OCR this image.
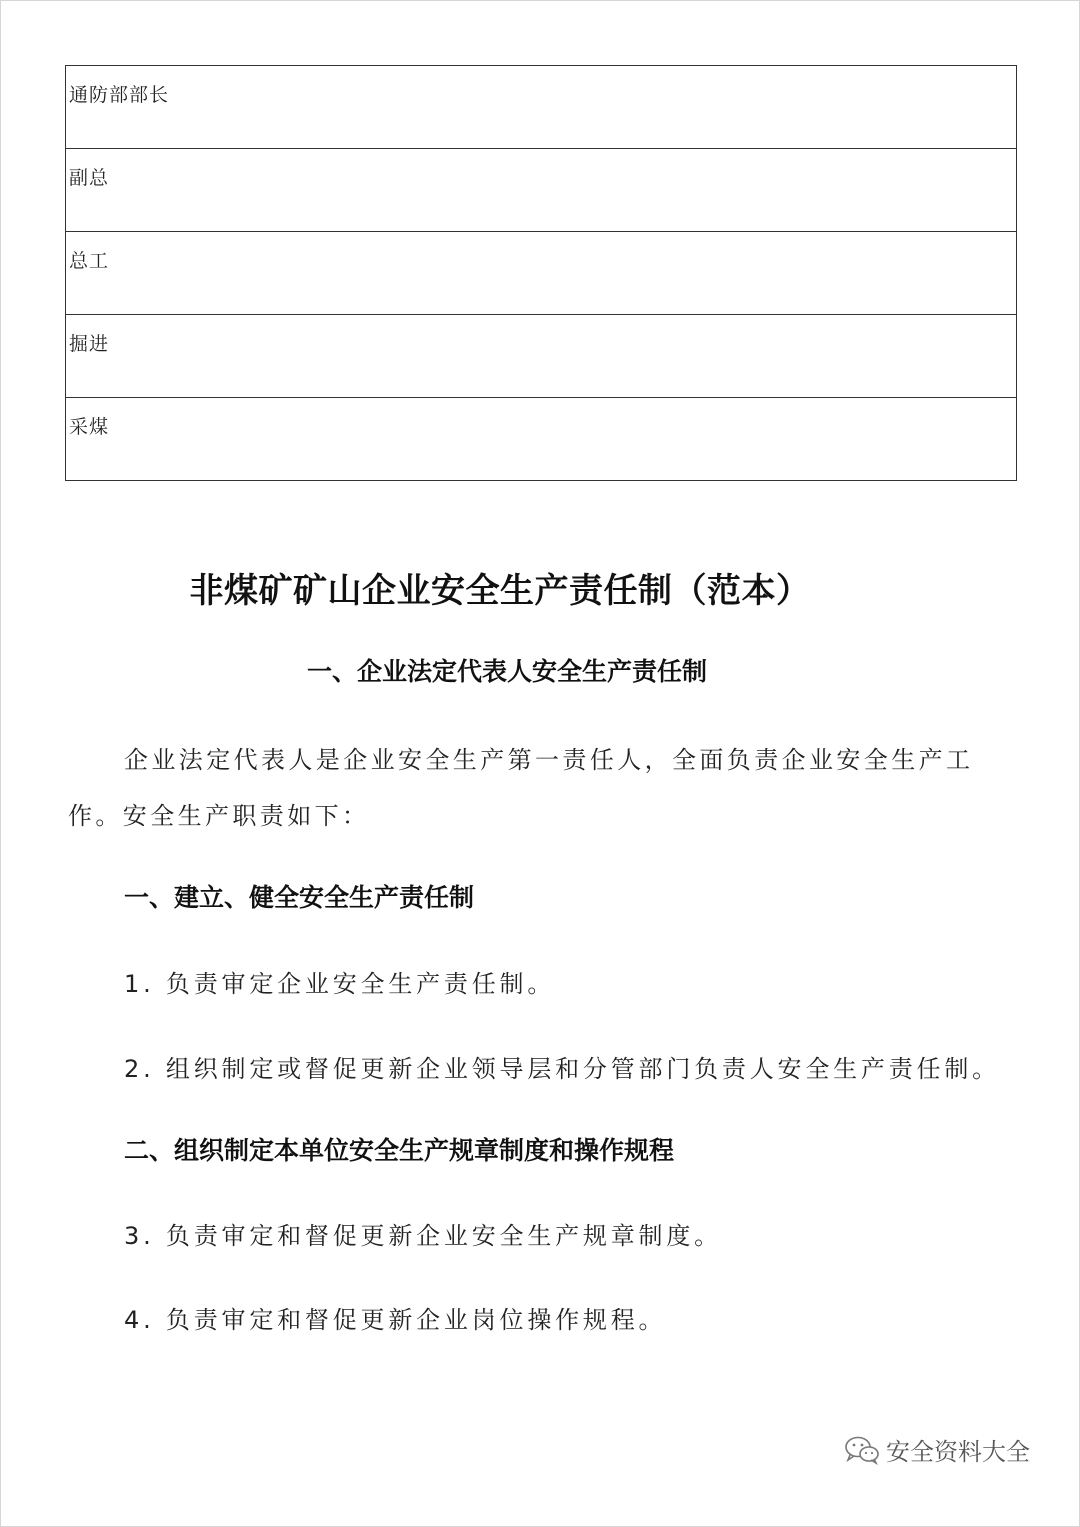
通防部部长
副总
总工
掘进
采煤
非煤矿矿山企业安全生产责任制（范本）
一、企业法定代表人安全生产责任制
企业法定代表人是企业安全生产第一责任人，全面负责企业安全生产工作。安全生产职责如下：
一、建立、健全安全生产责任制
1. 负责审定企业安全生产责任制。
2. 组织制定或督促更新企业领导层和分管部门负责人安全生产责任制。
二、组织制定本单位安全生产规章制度和操作规程
3. 负责审定和督促更新企业安全生产规章制度。
4. 负责审定和督促更新企业岗位操作规程。
安全资料大全
